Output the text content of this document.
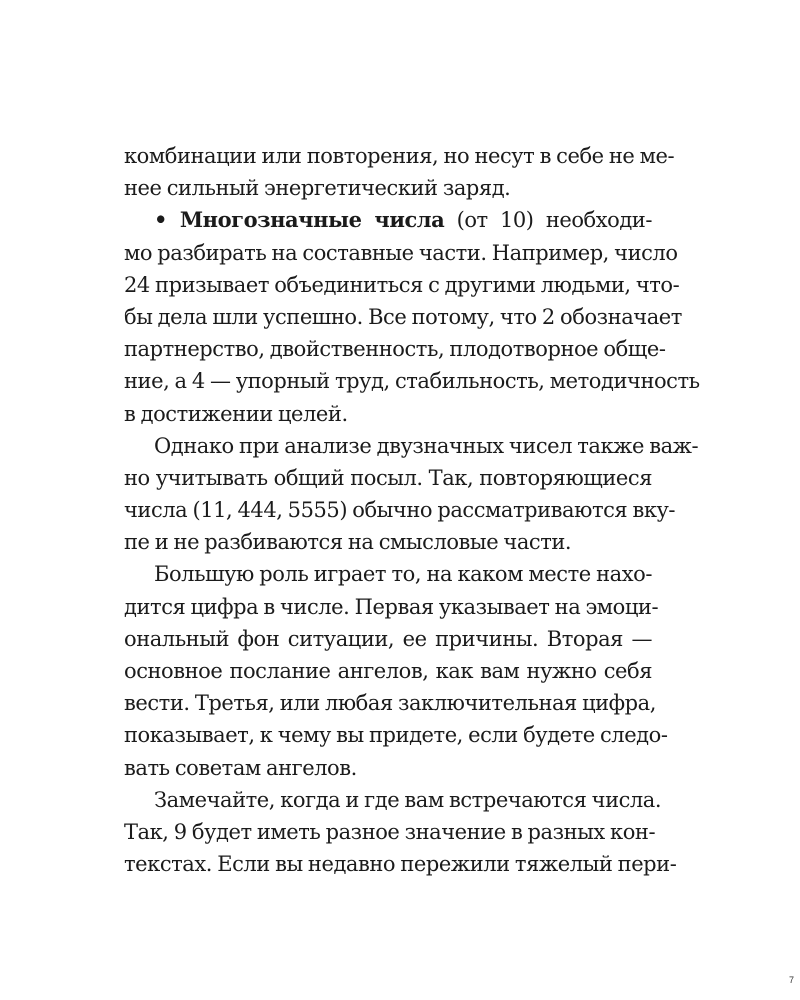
комбинации или повторения, но несут в себе не ме-
нее сильный энергетический заряд.
• Многозначные числа (от 10) необходи-
мо разбирать на составные части. Например, число
24 призывает объединиться с другими людьми, что-
бы дела шли успешно. Все потому, что 2 обозначает
партнерство, двойственность, плодотворное обще-
ние, а 4 — упорный труд, стабильность, методичность
в достижении целей.
Однако при анализе двузначных чисел также важ-
но учитывать общий посыл. Так, повторяющиеся
числа (11, 444, 5555) обычно рассматриваются вку-
пе и не разбиваются на смысловые части.
Большую роль играет то, на каком месте нахо-
дится цифра в числе. Первая указывает на эмоци-
ональный фон ситуации, ее причины. Вторая —
основное послание ангелов, как вам нужно себя
вести. Третья, или любая заключительная цифра,
показывает, к чему вы придете, если будете следо-
вать советам ангелов.
Замечайте, когда и где вам встречаются числа.
Так, 9 будет иметь разное значение в разных кон-
текстах. Если вы недавно пережили тяжелый пери-
7
